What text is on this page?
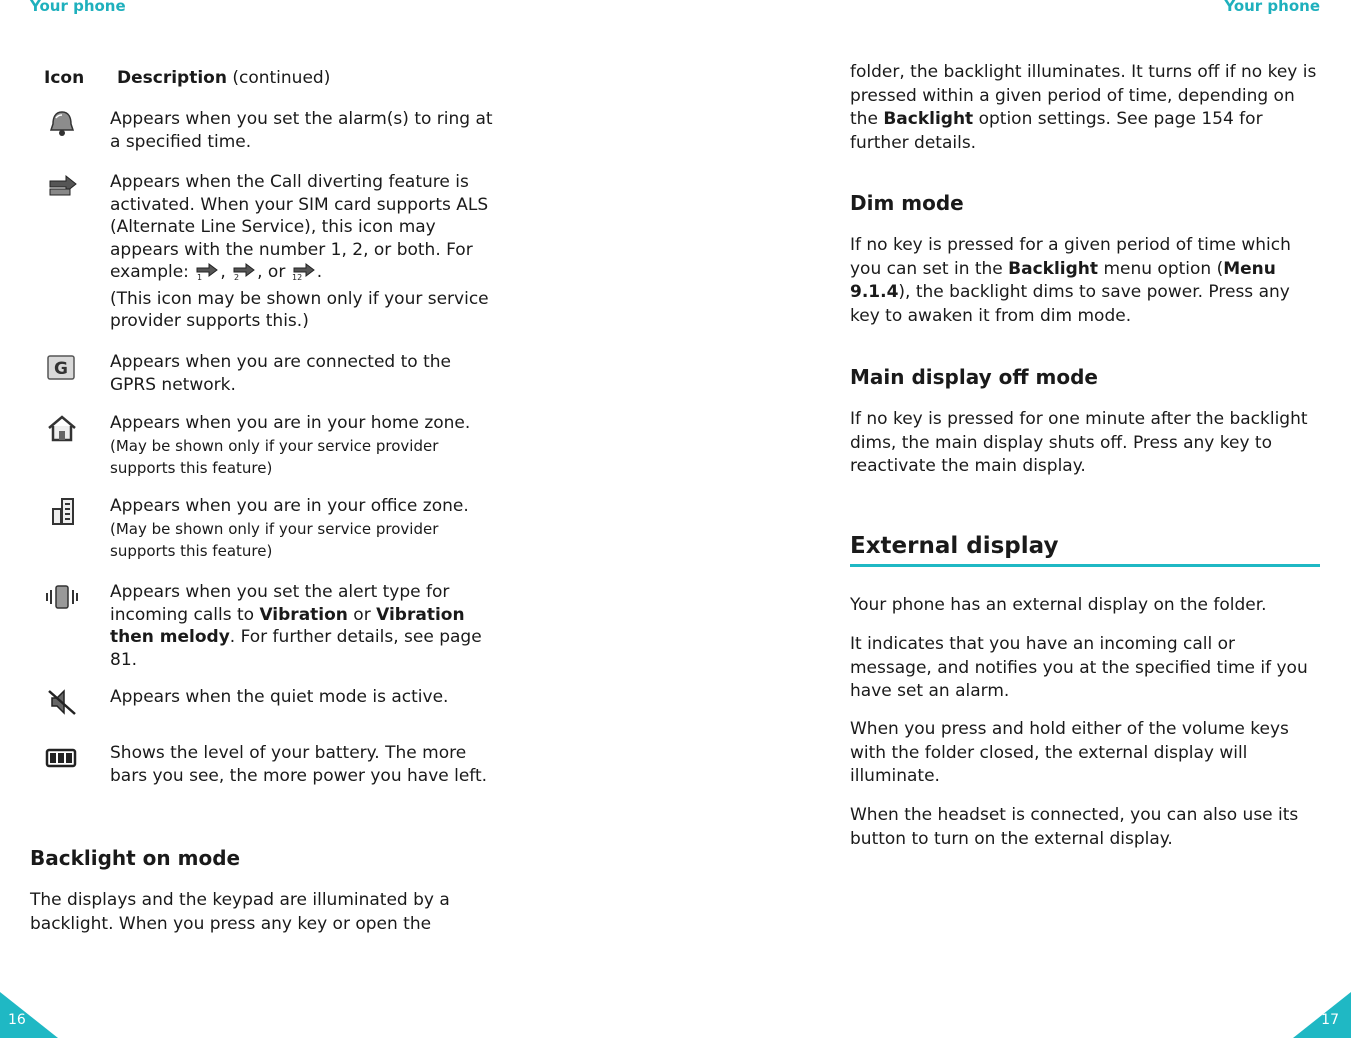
Your phone
Icon Description (continued)
Appears when you set the alarm(s) to ring at a specified time.

Appears when the Call diverting feature is activated. When your SIM card supports ALS (Alternate Line Service), this icon may appears with the number 1, 2, or both. For example: 1 , 2 , or 12 .

(This icon may be shown only if your service provider supports this.)

G Appears when you are connected to the GPRS network.

Appears when you are in your home zone.

(May be shown only if your service provider supports this feature)

Appears when you are in your office zone.

(May be shown only if your service provider supports this feature)

Appears when you set the alert type for incoming calls to Vibration or Vibration then melody. For further details, see page 81.

Appears when the quiet mode is active.
Shows the level of your battery. The more bars you see, the more power you have left.
Backlight on mode

The displays and the keypad are illuminated by a backlight. When you press any key or open the

16
Your phone

folder, the backlight illuminates. It turns off if no key is pressed within a given period of time, depending on the Backlight option settings. See page 154 for further details.

Dim mode

If no key is pressed for a given period of time which you can set in the Backlight menu option (Menu 9.1.4), the backlight dims to save power. Press any key to awaken it from dim mode.

Main display off mode

If no key is pressed for one minute after the backlight dims, the main display shuts off. Press any key to reactivate the main display.

External display

Your phone has an external display on the folder.

It indicates that you have an incoming call or message, and notifies you at the specified time if you have set an alarm.

When you press and hold either of the volume keys with the folder closed, the external display will illuminate.

When the headset is connected, you can also use its button to turn on the external display.

17
